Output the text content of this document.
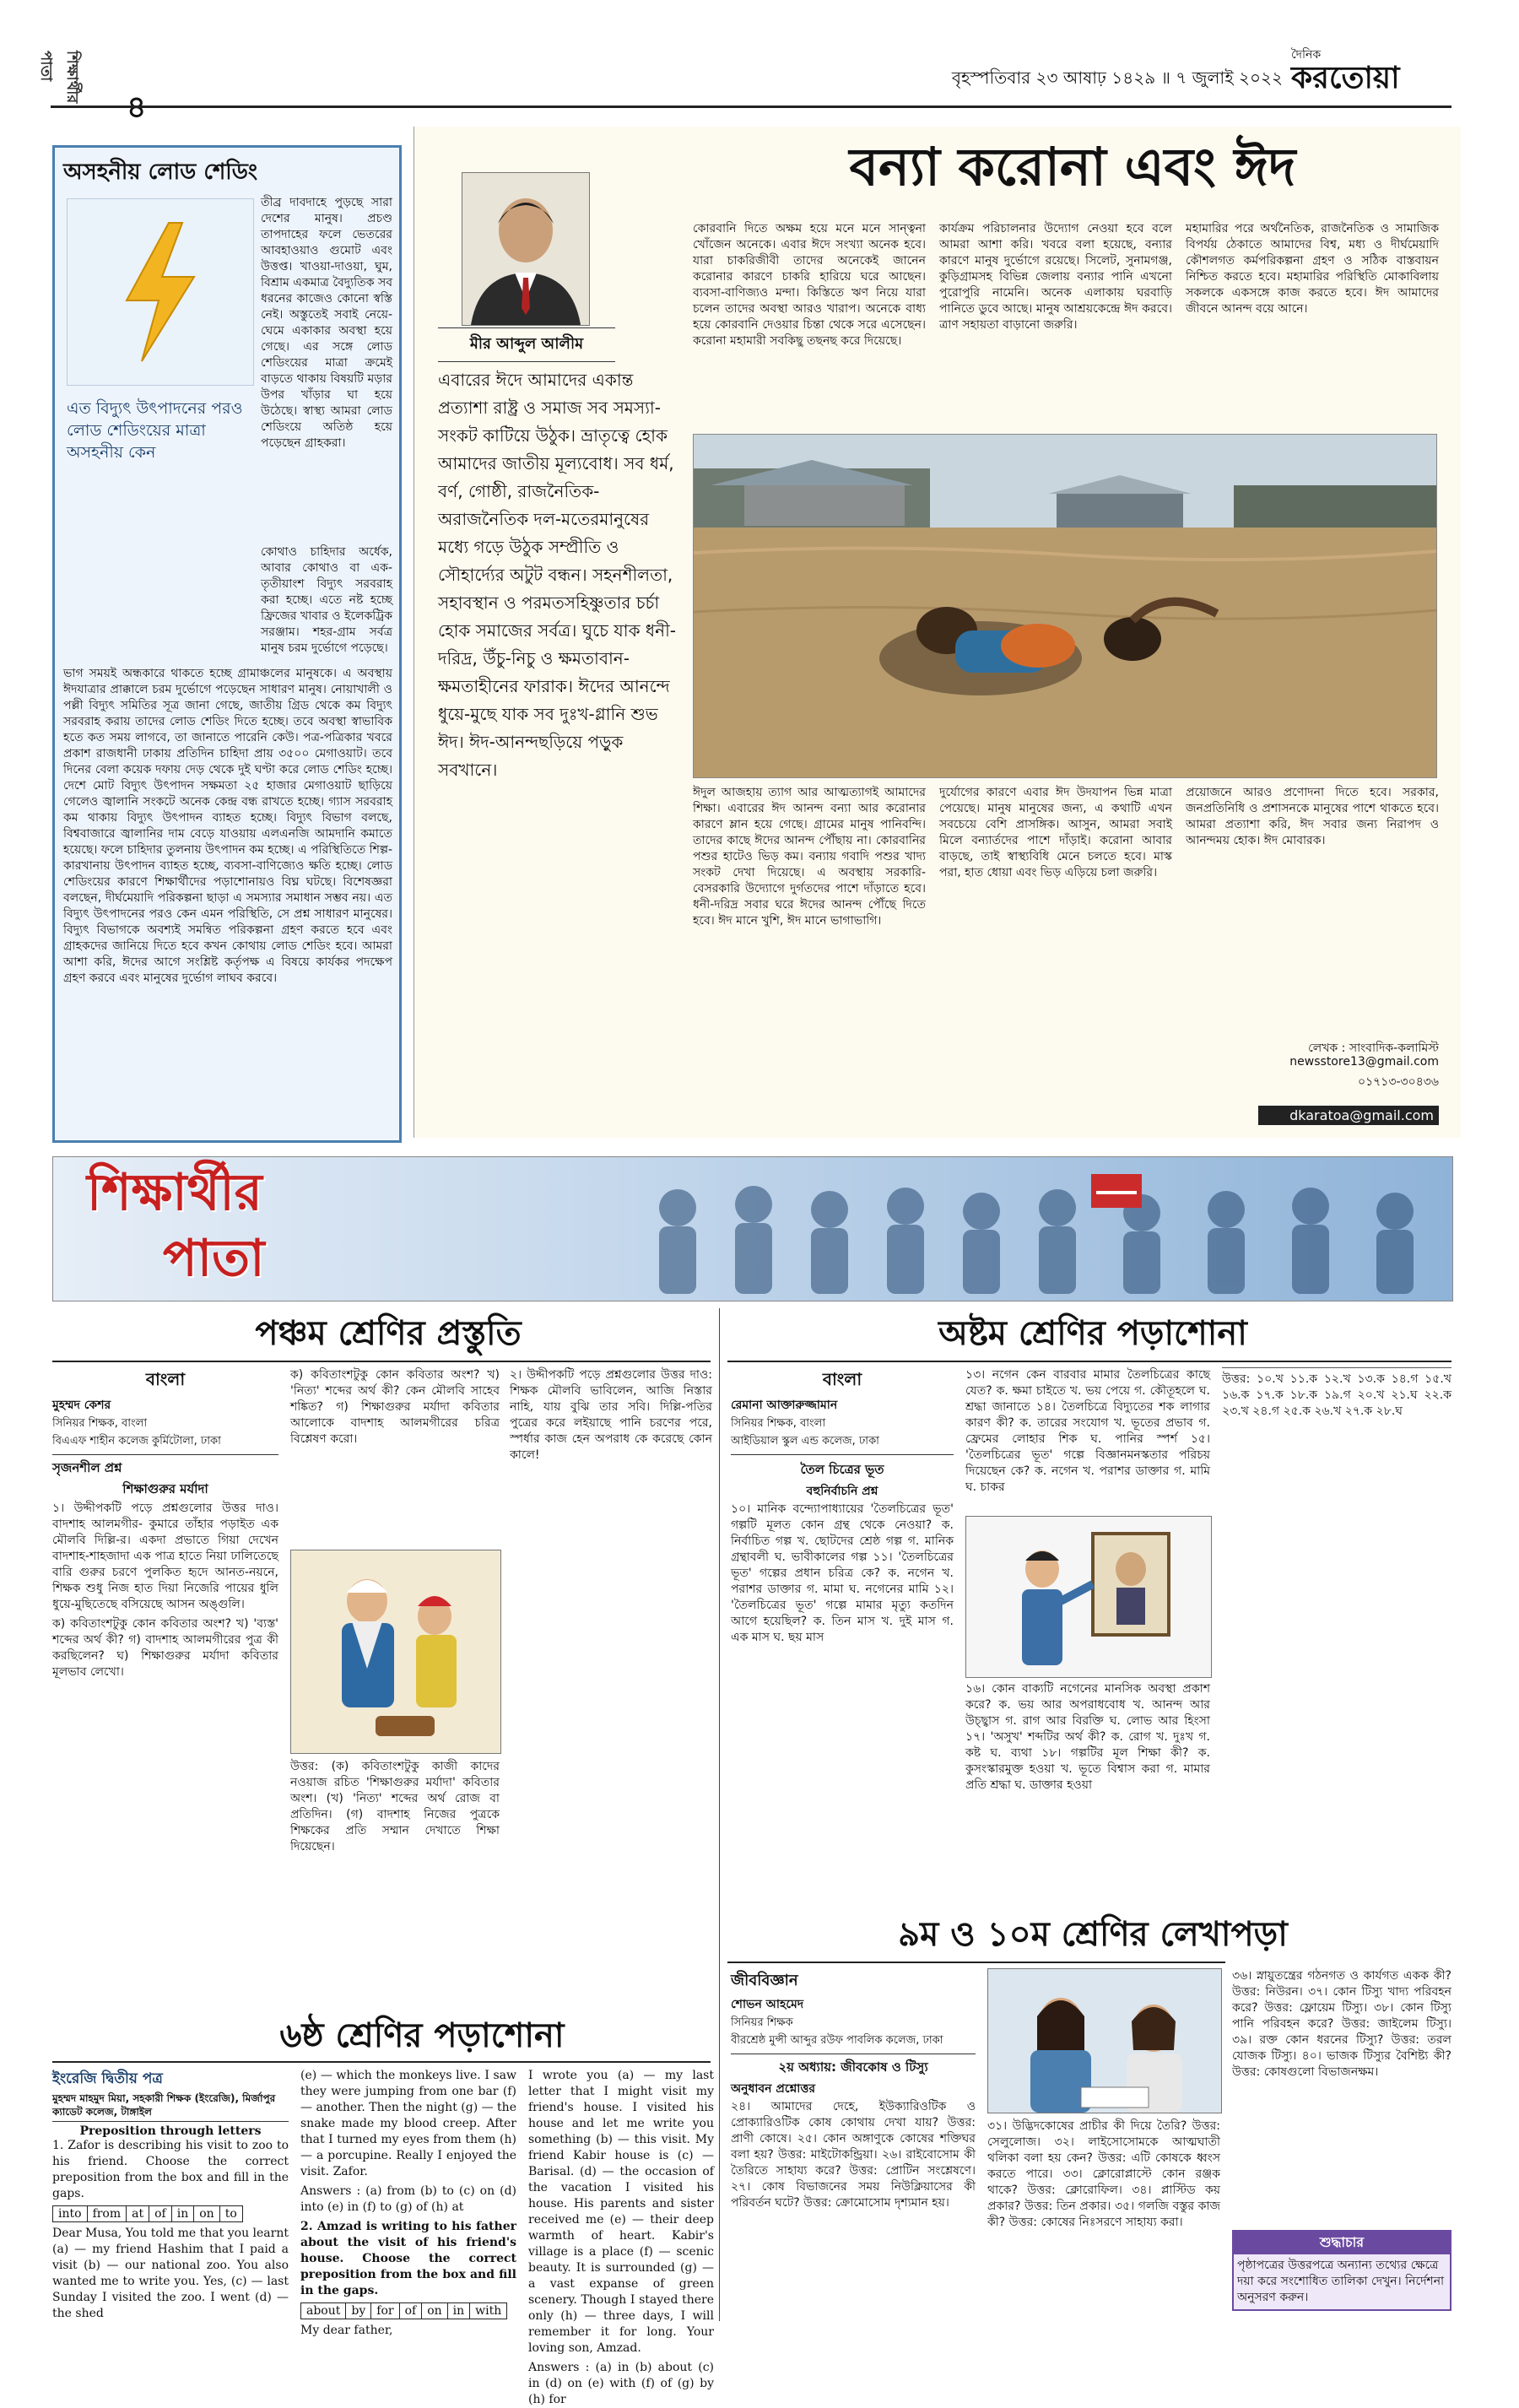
শিক্ষার্থীর পাতা	বৃহস্পতিবার ২৩ আষাঢ় ১৪২৯ ॥ ৭ জুলাই ২০২২
দৈনিক
করতোয়া
অসহনীয় লোড শেডিং
তীব্র দাবদাহে পুড়ছে সারা দেশের মানুষ। প্রচণ্ড তাপদাহের ফলে ভেতরের আবহাওয়াও গুমোট এবং উত্তপ্ত। খাওয়া-দাওয়া, ঘুম, বিশ্রাম একমাত্র বৈদ্যুতিক সব ধরনের কাজেও কোনো স্বস্তি নেই। অস্তুতেই সবাই নেয়ে-ঘেমে একাকার অবস্থা হয়ে গেছে। এর সঙ্গে লোড শেডিংয়ের মাত্রা ক্রমেই বাড়তে থাকায় বিষয়টি মড়ার উপর খাঁড়ার ঘা হয়ে উঠেছে। স্বাস্থ্য আমরা লোড শেডিংয়ে অতিষ্ঠ হয়ে পড়েছেন গ্রাহকরা।
এত বিদ্যুৎ উৎপাদনের পরও লোড শেডিংয়ের মাত্রা অসহনীয় কেন
কোথাও চাহিদার অর্ধেক, আবার কোথাও বা এক-তৃতীয়াংশ বিদ্যুৎ সরবরাহ করা হচ্ছে। এতে নষ্ট হচ্ছে ফ্রিজের খাবার ও ইলেকট্রিক সরঞ্জাম। শহর-গ্রাম সর্বত্র মানুষ চরম দুর্ভোগে পড়েছে।
ভাগ সময়ই অন্ধকারে থাকতে হচ্ছে গ্রামাঞ্চলের মানুষকে। এ অবস্থায় ঈদযাত্রার প্রাক্কালে চরম দুর্ভোগে পড়েছেন সাধারণ মানুষ। নোয়াখালী ও পল্লী বিদ্যুৎ সমিতির সূত্র জানা গেছে, জাতীয় গ্রিড থেকে কম বিদ্যুৎ সরবরাহ করায় তাদের লোড শেডিং দিতে হচ্ছে। তবে অবস্থা স্বাভাবিক হতে কত সময় লাগবে, তা জানাতে পারেনি কেউ। পত্র-পত্রিকার খবরে প্রকাশ রাজধানী ঢাকায় প্রতিদিন চাহিদা প্রায় ৩৫০০ মেগাওয়াট। তবে দিনের বেলা কয়েক দফায় দেড় থেকে দুই ঘণ্টা করে লোড শেডিং হচ্ছে। দেশে মোট বিদ্যুৎ উৎপাদন সক্ষমতা ২৫ হাজার মেগাওয়াট ছাড়িয়ে গেলেও জ্বালানি সংকটে অনেক কেন্দ্র বন্ধ রাখতে হচ্ছে। গ্যাস সরবরাহ কম থাকায় বিদ্যুৎ উৎপাদন ব্যাহত হচ্ছে। বিদ্যুৎ বিভাগ বলছে, বিশ্ববাজারে জ্বালানির দাম বেড়ে যাওয়ায় এলএনজি আমদানি কমাতে হয়েছে। ফলে চাহিদার তুলনায় উৎপাদন কম হচ্ছে। এ পরিস্থিতিতে শিল্প-কারখানায় উৎপাদন ব্যাহত হচ্ছে, ব্যবসা-বাণিজ্যেও ক্ষতি হচ্ছে। লোড শেডিংয়ের কারণে শিক্ষার্থীদের পড়াশোনায়ও বিঘ্ন ঘটছে। বিশেষজ্ঞরা বলছেন, দীর্ঘমেয়াদি পরিকল্পনা ছাড়া এ সমস্যার সমাধান সম্ভব নয়। এত বিদ্যুৎ উৎপাদনের পরও কেন এমন পরিস্থিতি, সে প্রশ্ন সাধারণ মানুষের। বিদ্যুৎ বিভাগকে অবশ্যই সমন্বিত পরিকল্পনা গ্রহণ করতে হবে এবং গ্রাহকদের জানিয়ে দিতে হবে কখন কোথায় লোড শেডিং হবে। আমরা আশা করি, ঈদের আগে সংশ্লিষ্ট কর্তৃপক্ষ এ বিষয়ে কার্যকর পদক্ষেপ গ্রহণ করবে এবং মানুষের দুর্ভোগ লাঘব করবে।
বন্যা করোনা এবং ঈদ
মীর আব্দুল আলীম
এবারের ঈদে আমাদের একান্ত প্রত্যাশা রাষ্ট্র ও সমাজ সব সমস্যা-সংকট কাটিয়ে উঠুক। ভ্রাতৃত্বে হোক আমাদের জাতীয় মূল্যবোধ। সব ধর্ম, বর্ণ, গোষ্ঠী, রাজনৈতিক-অরাজনৈতিক দল-মতেরমানুষের মধ্যে গড়ে উঠুক সম্প্রীতি ও সৌহার্দ্যের অটুট বন্ধন। সহনশীলতা, সহাবস্থান ও পরমতসহিষ্ণুতার চর্চা হোক সমাজের সর্বত্র। ঘুচে যাক ধনী-দরিদ্র, উঁচু-নিচু ও ক্ষমতাবান-ক্ষমতাহীনের ফারাক। ঈদের আনন্দে ধুয়ে-মুছে যাক সব দুঃখ-গ্লানি শুভ ঈদ। ঈদ-আনন্দছড়িয়ে পড়ুক সবখানে।
কোরবানি দিতে অক্ষম হয়ে মনে মনে সান্ত্বনা খোঁজেন অনেকে। এবার ঈদে সংখ্যা অনেক হবে। যারা চাকরিজীবী তাদের অনেকেই জানেন করোনার কারণে চাকরি হারিয়ে ঘরে আছেন। ব্যবসা-বাণিজ্যও মন্দা। কিস্তিতে ঋণ নিয়ে যারা চলেন তাদের অবস্থা আরও খারাপ। অনেকে বাধ্য হয়ে কোরবানি দেওয়ার চিন্তা থেকে সরে এসেছেন। করোনা মহামারী সবকিছু তছনছ করে দিয়েছে।
কার্যক্রম পরিচালনার উদ্যোগ নেওয়া হবে বলে আমরা আশা করি। খবরে বলা হয়েছে, বন্যার কারণে মানুষ দুর্ভোগে রয়েছে। সিলেট, সুনামগঞ্জ, কুড়িগ্রামসহ বিভিন্ন জেলায় বন্যার পানি এখনো পুরোপুরি নামেনি। অনেক এলাকায় ঘরবাড়ি পানিতে ডুবে আছে। মানুষ আশ্রয়কেন্দ্রে ঈদ করবে। ত্রাণ সহায়তা বাড়ানো জরুরি।
মহামারির পরে অর্থনৈতিক, রাজনৈতিক ও সামাজিক বিপর্যয় ঠেকাতে আমাদের বিশ্ব, মধ্য ও দীর্ঘমেয়াদি কৌশলগত কর্মপরিকল্পনা গ্রহণ ও সঠিক বাস্তবায়ন নিশ্চিত করতে হবে। মহামারির পরিস্থিতি মোকাবিলায় সকলকে একসঙ্গে কাজ করতে হবে। ঈদ আমাদের জীবনে আনন্দ বয়ে আনে।
ঈদুল আজহায় ত্যাগ আর আত্মত্যাগই আমাদের শিক্ষা। এবারের ঈদ আনন্দ বন্যা আর করোনার কারণে ম্লান হয়ে গেছে। গ্রামের মানুষ পানিবন্দি। তাদের কাছে ঈদের আনন্দ পৌঁছায় না। কোরবানির পশুর হাটেও ভিড় কম। বন্যায় গবাদি পশুর খাদ্য সংকট দেখা দিয়েছে। এ অবস্থায় সরকারি-বেসরকারি উদ্যোগে দুর্গতদের পাশে দাঁড়াতে হবে। ধনী-দরিদ্র সবার ঘরে ঈদের আনন্দ পৌঁছে দিতে হবে। ঈদ মানে খুশি, ঈদ মানে ভাগাভাগি।
দুর্যোগের কারণে এবার ঈদ উদযাপন ভিন্ন মাত্রা পেয়েছে। মানুষ মানুষের জন্য, এ কথাটি এখন সবচেয়ে বেশি প্রাসঙ্গিক। আসুন, আমরা সবাই মিলে বন্যার্তদের পাশে দাঁড়াই। করোনা আবার বাড়ছে, তাই স্বাস্থ্যবিধি মেনে চলতে হবে। মাস্ক পরা, হাত ধোয়া এবং ভিড় এড়িয়ে চলা জরুরি।
প্রয়োজনে আরও প্রণোদনা দিতে হবে। সরকার, জনপ্রতিনিধি ও প্রশাসনকে মানুষের পাশে থাকতে হবে। আমরা প্রত্যাশা করি, ঈদ সবার জন্য নিরাপদ ও আনন্দময় হোক। ঈদ মোবারক।
লেখক : সাংবাদিক-কলামিস্ট
newsstore13@gmail.com
০১৭১৩-৩০৪৩৬
dkaratoa@gmail.com
শিক্ষার্থীর
পাতা
পঞ্চম শ্রেণির প্রস্তুতি
বাংলা
মুহম্মদ কেশর
সিনিয়র শিক্ষক, বাংলা
বিএএফ শাহীন কলেজ কুর্মিটোলা, ঢাকা
সৃজনশীল প্রশ্ন
শিক্ষাগুরুর মর্যাদা
১। উদ্দীপকটি পড়ে প্রশ্নগুলোর উত্তর দাও। বাদশাহ আলমগীর- কুমারে তাঁহার পড়াইত এক মৌলবি দিল্লি-র। একদা প্রভাতে গিয়া দেখেন বাদশাহ-শাহজাদা এক পাত্র হাতে নিয়া ঢালিতেছে বারি গুরুর চরণে পুলকিত হৃদে আনত-নয়নে, শিক্ষক শুধু নিজ হাত দিয়া নিজেরি পায়ের ধুলি ধুয়ে-মুছিতেছে বসিয়েছে আসন অঙ্গুলি।
ক) কবিতাংশটুকু কোন কবিতার অংশ? খ) 'ব্যস্ত' শব্দের অর্থ কী? গ) বাদশাহ আলমগীরের পুত্র কী করছিলেন? ঘ) শিক্ষাগুরুর মর্যাদা কবিতার মূলভাব লেখো।
ক) কবিতাংশটুকু কোন কবিতার অংশ? খ) 'নিত্য' শব্দের অর্থ কী? কেন মৌলবি সাহেব শঙ্কিত? গ) শিক্ষাগুরুর মর্যাদা কবিতার আলোকে বাদশাহ আলমগীরের চরিত্র বিশ্লেষণ করো।
উত্তর: (ক) কবিতাংশটুকু কাজী কাদের নওয়াজ রচিত 'শিক্ষাগুরুর মর্যাদা' কবিতার অংশ। (খ) 'নিত্য' শব্দের অর্থ রোজ বা প্রতিদিন। (গ) বাদশাহ নিজের পুত্রকে শিক্ষকের প্রতি সম্মান দেখাতে শিক্ষা দিয়েছেন।
২। উদ্দীপকটি পড়ে প্রশ্নগুলোর উত্তর দাও: শিক্ষক মৌলবি ভাবিলেন, আজি নিস্তার নাহি, যায় বুঝি তার সবি। দিল্লি-পতির পুত্রের করে লইয়াছে পানি চরণের পরে, স্পর্ধার কাজ হেন অপরাধ কে করেছে কোন কালে!
অষ্টম শ্রেণির পড়াশোনা
বাংলা
রেমানা আক্তারুজ্জামান
সিনিয়র শিক্ষক, বাংলা
আইডিয়াল স্কুল এন্ড কলেজ, ঢাকা
তৈল চিত্রের ভূত
বহুনির্বাচনি প্রশ্ন
১০। মানিক বন্দ্যোপাধ্যায়ের 'তৈলচিত্রের ভূত' গল্পটি মূলত কোন গ্রন্থ থেকে নেওয়া? ক. নির্বাচিত গল্প খ. ছোটদের শ্রেষ্ঠ গল্প গ. মানিক গ্রন্থাবলী ঘ. ভাবীকালের গল্প ১১। 'তৈলচিত্রের ভূত' গল্পের প্রধান চরিত্র কে? ক. নগেন খ. পরাশর ডাক্তার গ. মামা ঘ. নগেনের মামি ১২। 'তৈলচিত্রের ভূত' গল্পে মামার মৃত্যু কতদিন আগে হয়েছিল? ক. তিন মাস খ. দুই মাস গ. এক মাস ঘ. ছয় মাস
১৩। নগেন কেন বারবার মামার তৈলচিত্রের কাছে যেত? ক. ক্ষমা চাইতে খ. ভয় পেয়ে গ. কৌতূহলে ঘ. শ্রদ্ধা জানাতে ১৪। তৈলচিত্রে বিদ্যুতের শক লাগার কারণ কী? ক. তারের সংযোগ খ. ভূতের প্রভাব গ. ফ্রেমের লোহার শিক ঘ. পানির স্পর্শ ১৫। 'তৈলচিত্রের ভূত' গল্পে বিজ্ঞানমনস্কতার পরিচয় দিয়েছেন কে? ক. নগেন খ. পরাশর ডাক্তার গ. মামি ঘ. চাকর
১৬। কোন বাক্যটি নগেনের মানসিক অবস্থা প্রকাশ করে? ক. ভয় আর অপরাধবোধ খ. আনন্দ আর উচ্ছ্বাস গ. রাগ আর বিরক্তি ঘ. লোভ আর হিংসা ১৭। 'অসুখ' শব্দটির অর্থ কী? ক. রোগ খ. দুঃখ গ. কষ্ট ঘ. ব্যথা ১৮। গল্পটির মূল শিক্ষা কী? ক. কুসংস্কারমুক্ত হওয়া খ. ভূতে বিশ্বাস করা গ. মামার প্রতি শ্রদ্ধা ঘ. ডাক্তার হওয়া
উত্তর: ১০.খ ১১.ক ১২.খ ১৩.ক ১৪.গ ১৫.খ ১৬.ক ১৭.ক ১৮.ক ১৯.গ ২০.খ ২১.ঘ ২২.ক ২৩.খ ২৪.গ ২৫.ক ২৬.খ ২৭.ক ২৮.ঘ
৯ম ও ১০ম শ্রেণির লেখাপড়া
জীববিজ্ঞান
শোভন আহমেদ
সিনিয়র শিক্ষক
বীরশ্রেষ্ঠ মুন্সী আব্দুর রউফ পাবলিক কলেজ, ঢাকা
২য় অধ্যায়: জীবকোষ ও টিস্যু
অনুধাবন প্রশ্নোত্তর
২৪। আমাদের দেহে, ইউক্যারিওটিক ও প্রোক্যারিওটিক কোষ কোথায় দেখা যায়? উত্তর: প্রাণী কোষে। ২৫। কোন অঙ্গাণুকে কোষের শক্তিঘর বলা হয়? উত্তর: মাইটোকন্ড্রিয়া। ২৬। রাইবোসোম কী তৈরিতে সাহায্য করে? উত্তর: প্রোটিন সংশ্লেষণে। ২৭। কোষ বিভাজনের সময় নিউক্লিয়াসের কী পরিবর্তন ঘটে? উত্তর: ক্রোমোসোম দৃশ্যমান হয়।
৩১। উদ্ভিদকোষের প্রাচীর কী দিয়ে তৈরি? উত্তর: সেলুলোজ। ৩২। লাইসোসোমকে আত্মঘাতী থলিকা বলা হয় কেন? উত্তর: এটি কোষকে ধ্বংস করতে পারে। ৩৩। ক্লোরোপ্লাস্টে কোন রঞ্জক থাকে? উত্তর: ক্লোরোফিল। ৩৪। প্লাস্টিড কয় প্রকার? উত্তর: তিন প্রকার। ৩৫। গলজি বস্তুর কাজ কী? উত্তর: কোষের নিঃসরণে সাহায্য করা।
৩৬। স্নায়ুতন্ত্রের গঠনগত ও কার্যগত একক কী? উত্তর: নিউরন। ৩৭। কোন টিস্যু খাদ্য পরিবহন করে? উত্তর: ফ্লোয়েম টিস্যু। ৩৮। কোন টিস্যু পানি পরিবহন করে? উত্তর: জাইলেম টিস্যু। ৩৯। রক্ত কোন ধরনের টিস্যু? উত্তর: তরল যোজক টিস্যু। ৪০। ভাজক টিস্যুর বৈশিষ্ট্য কী? উত্তর: কোষগুলো বিভাজনক্ষম।
শুদ্ধাচার
পৃষ্ঠাপত্রের উত্তরপত্রে অন্যান্য তথ্যের ক্ষেত্রে দয়া করে সংশোধিত তালিকা দেখুন। নির্দেশনা অনুসরণ করুন।
৬ষ্ঠ শ্রেণির পড়াশোনা
ইংরেজি দ্বিতীয় পত্র
মুহম্মদ মাহমুদ মিয়া, সহকারী শিক্ষক (ইংরেজি), মির্জাপুর ক্যাডেট কলেজ, টাঙ্গাইল
Preposition through letters
1. Zafor is describing his visit to zoo to his friend. Choose the correct preposition from the box and fill in the gaps.
into	from	at	of	in	on	to
Dear Musa, You told me that you learnt (a) — my friend Hashim that I paid a visit (b) — our national zoo. You also wanted me to write you. Yes, (c) — last Sunday I visited the zoo. I went (d) — the shed
(e) — which the monkeys live. I saw they were jumping from one bar (f) — another. Then the night (g) — the snake made my blood creep. After that I turned my eyes from them (h) — a porcupine. Really I enjoyed the visit. Zafor.
Answers : (a) from (b) to (c) on (d) into (e) in (f) to (g) of (h) at
2. Amzad is writing to his father about the visit of his friend's house. Choose the correct preposition from the box and fill in the gaps.
about	by	for	of	on	in	with
My dear father,
I wrote you (a) — my last letter that I might visit my friend's house. I visited his house and let me write you something (b) — this visit. My friend Kabir house is (c) — Barisal. (d) — the occasion of the vacation I visited his house. His parents and sister received me (e) — their deep warmth of heart. Kabir's village is a place (f) — scenic beauty. It is surrounded (g) — a vast expanse of green scenery. Though I stayed there only (h) — three days, I will remember it for long. Your loving son, Amzad.
Answers : (a) in (b) about (c) in (d) on (e) with (f) of (g) by (h) for
